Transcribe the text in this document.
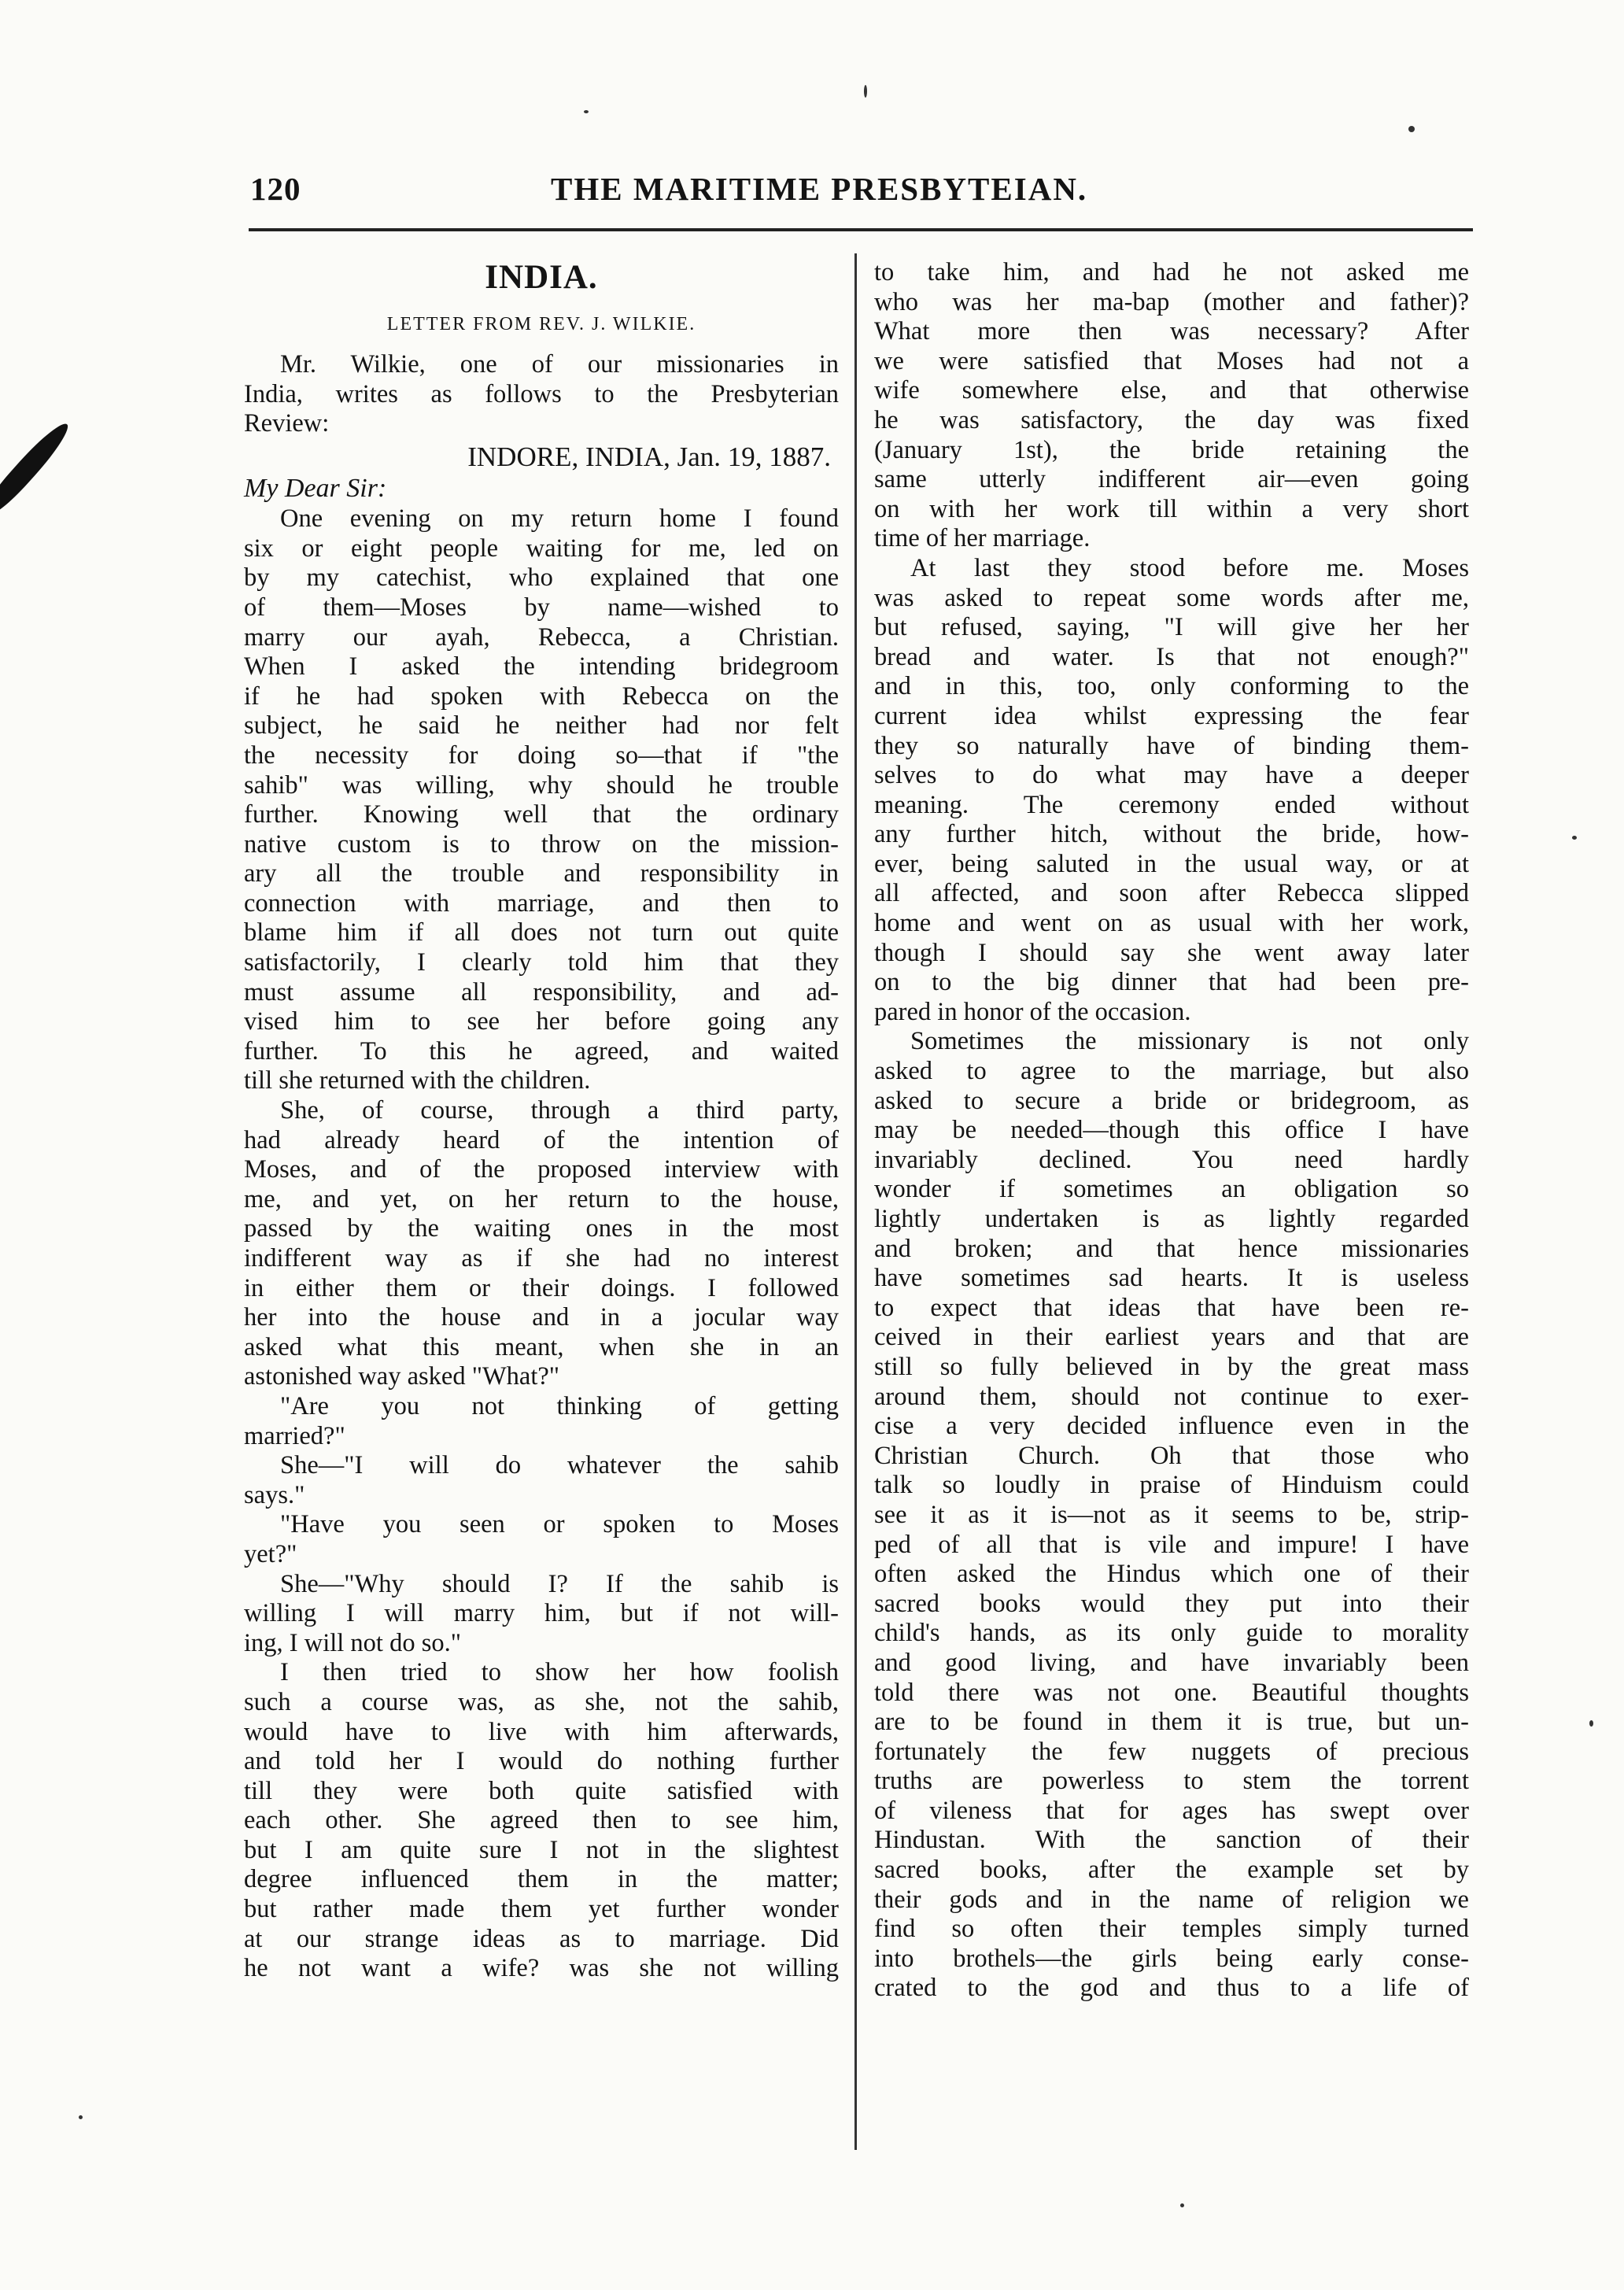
120	THE MARITIME PRESBYTEIAN.
INDIA.
LETTER FROM REV. J. WILKIE.
Mr. Wilkie, one of our missionaries in
India, writes as follows to the Presbyterian
Review:
INDORE, INDIA, Jan. 19, 1887.
My Dear Sir:
One evening on my return home I found
six or eight people waiting for me, led on
by my catechist, who explained that one
of them—Moses by name—wished to
marry our ayah, Rebecca, a Christian.
When I asked the intending bridegroom
if he had spoken with Rebecca on the
subject, he said he neither had nor felt
the necessity for doing so—that if "the
sahib" was willing, why should he trouble
further. Knowing well that the ordinary
native custom is to throw on the mission-
ary all the trouble and responsibility in
connection with marriage, and then to
blame him if all does not turn out quite
satisfactorily, I clearly told him that they
must assume all responsibility, and ad-
vised him to see her before going any
further. To this he agreed, and waited
till she returned with the children.
She, of course, through a third party,
had already heard of the intention of
Moses, and of the proposed interview with
me, and yet, on her return to the house,
passed by the waiting ones in the most
indifferent way as if she had no interest
in either them or their doings. I followed
her into the house and in a jocular way
asked what this meant, when she in an
astonished way asked "What?"
"Are you not thinking of getting
married?"
She—"I will do whatever the sahib
says."
"Have you seen or spoken to Moses
yet?"
She—"Why should I? If the sahib is
willing I will marry him, but if not will-
ing, I will not do so."
I then tried to show her how foolish
such a course was, as she, not the sahib,
would have to live with him afterwards,
and told her I would do nothing further
till they were both quite satisfied with
each other. She agreed then to see him,
but I am quite sure I not in the slightest
degree influenced them in the matter;
but rather made them yet further wonder
at our strange ideas as to marriage. Did
he not want a wife? was she not willing
to take him, and had he not asked me
who was her ma-bap (mother and father)?
What more then was necessary? After
we were satisfied that Moses had not a
wife somewhere else, and that otherwise
he was satisfactory, the day was fixed
(January 1st), the bride retaining the
same utterly indifferent air—even going
on with her work till within a very short
time of her marriage.
At last they stood before me. Moses
was asked to repeat some words after me,
but refused, saying, "I will give her her
bread and water. Is that not enough?"
and in this, too, only conforming to the
current idea whilst expressing the fear
they so naturally have of binding them-
selves to do what may have a deeper
meaning. The ceremony ended without
any further hitch, without the bride, how-
ever, being saluted in the usual way, or at
all affected, and soon after Rebecca slipped
home and went on as usual with her work,
though I should say she went away later
on to the big dinner that had been pre-
pared in honor of the occasion.
Sometimes the missionary is not only
asked to agree to the marriage, but also
asked to secure a bride or bridegroom, as
may be needed—though this office I have
invariably declined. You need hardly
wonder if sometimes an obligation so
lightly undertaken is as lightly regarded
and broken; and that hence missionaries
have sometimes sad hearts. It is useless
to expect that ideas that have been re-
ceived in their earliest years and that are
still so fully believed in by the great mass
around them, should not continue to exer-
cise a very decided influence even in the
Christian Church. Oh that those who
talk so loudly in praise of Hinduism could
see it as it is—not as it seems to be, strip-
ped of all that is vile and impure! I have
often asked the Hindus which one of their
sacred books would they put into their
child's hands, as its only guide to morality
and good living, and have invariably been
told there was not one. Beautiful thoughts
are to be found in them it is true, but un-
fortunately the few nuggets of precious
truths are powerless to stem the torrent
of vileness that for ages has swept over
Hindustan. With the sanction of their
sacred books, after the example set by
their gods and in the name of religion we
find so often their temples simply turned
into brothels—the girls being early conse-
crated to the god and thus to a life of
